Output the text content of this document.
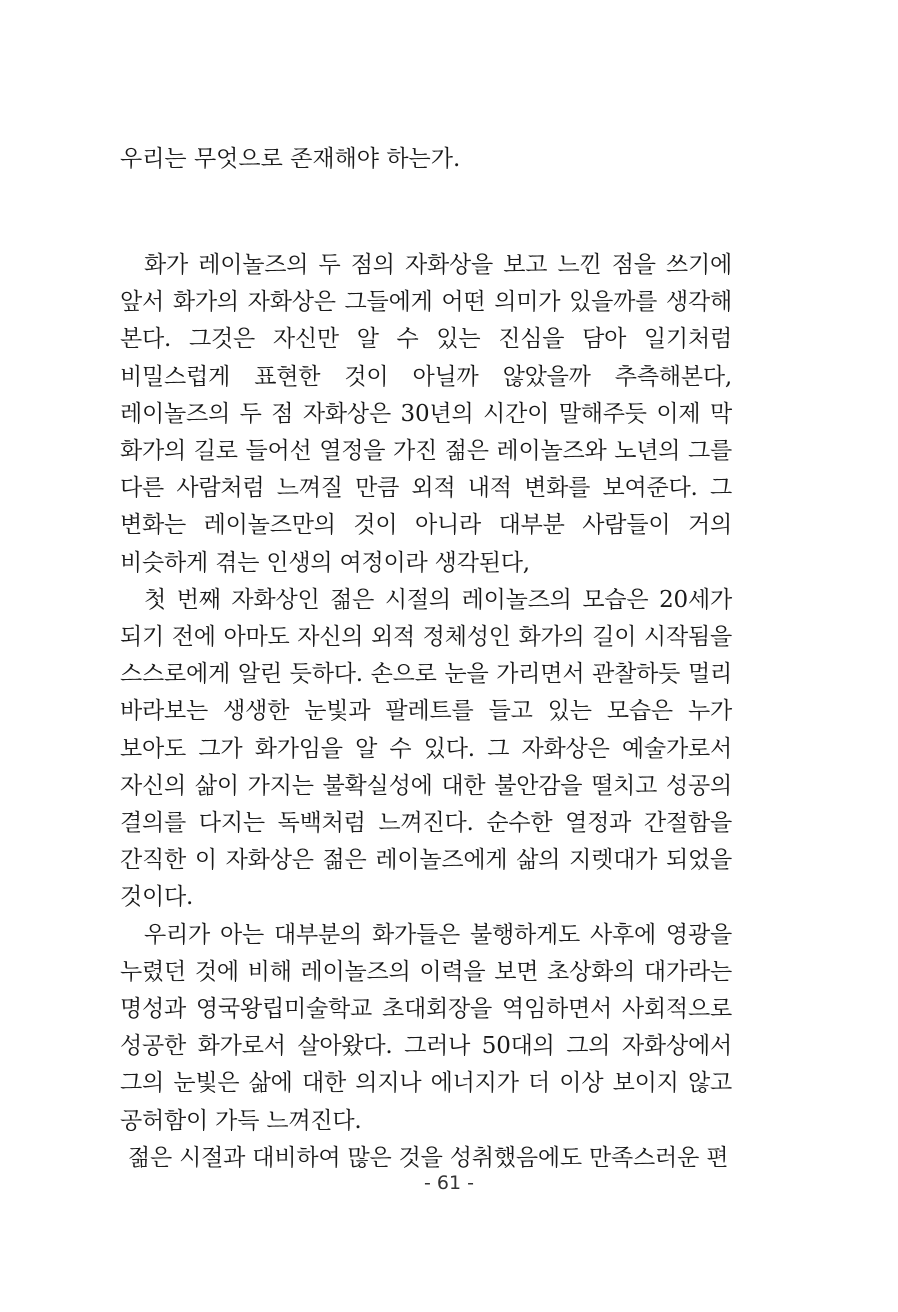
우리는 무엇으로 존재해야 하는가.

화가 레이놀즈의 두 점의 자화상을 보고 느낀 점을 쓰기에 앞서 화가의 자화상은 그들에게 어떤 의미가 있을까를 생각해 본다. 그것은 자신만 알 수 있는 진심을 담아 일기처럼 비밀스럽게 표현한 것이 아닐까 않았을까 추측해본다, 레이놀즈의 두 점 자화상은 30년의 시간이 말해주듯 이제 막 화가의 길로 들어선 열정을 가진 젊은 레이놀즈와 노년의 그를 다른 사람처럼 느껴질 만큼 외적 내적 변화를 보여준다. 그 변화는 레이놀즈만의 것이 아니라 대부분 사람들이 거의 비슷하게 겪는 인생의 여정이라 생각된다,

첫 번째 자화상인 젊은 시절의 레이놀즈의 모습은 20세가 되기 전에 아마도 자신의 외적 정체성인 화가의 길이 시작됨을 스스로에게 알린 듯하다. 손으로 눈을 가리면서 관찰하듯 멀리 바라보는 생생한 눈빛과 팔레트를 들고 있는 모습은 누가 보아도 그가 화가임을 알 수 있다. 그 자화상은 예술가로서 자신의 삶이 가지는 불확실성에 대한 불안감을 떨치고 성공의 결의를 다지는 독백처럼 느껴진다. 순수한 열정과 간절함을 간직한 이 자화상은 젊은 레이놀즈에게 삶의 지렛대가 되었을 것이다.

우리가 아는 대부분의 화가들은 불행하게도 사후에 영광을 누렸던 것에 비해 레이놀즈의 이력을 보면 초상화의 대가라는 명성과 영국왕립미술학교 초대회장을 역임하면서 사회적으로 성공한 화가로서 살아왔다. 그러나 50대의 그의 자화상에서 그의 눈빛은 삶에 대한 의지나 에너지가 더 이상 보이지 않고 공허함이 가득 느껴진다.

젊은 시절과 대비하여 많은 것을 성취했음에도 만족스러운 편

- 61 -
